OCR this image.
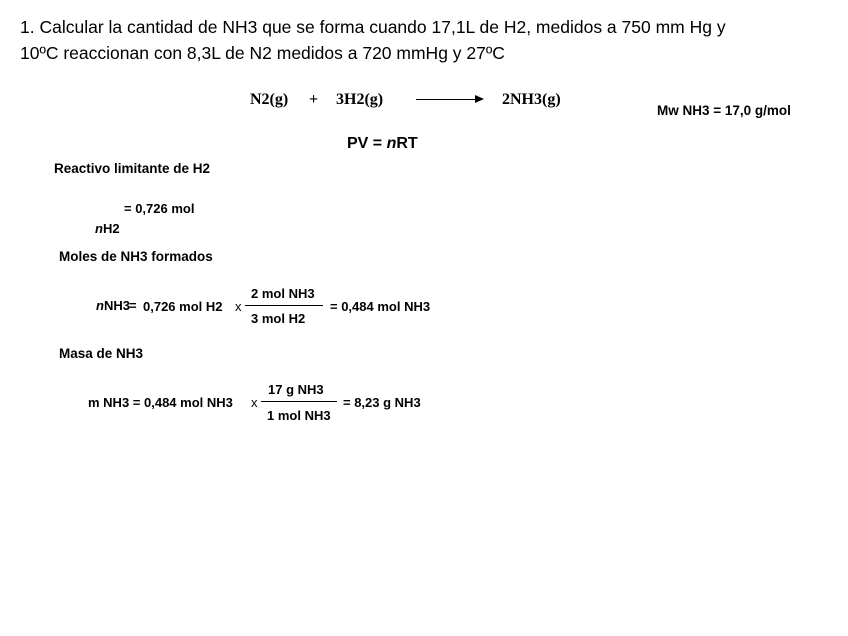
1. Calcular la cantidad de NH3 que se forma cuando 17,1L de H2, medidos a 750 mm Hg y
10ºC reaccionan con 8,3L de N2 medidos a 720 mmHg y 27ºC
N2(g) + 3H2(g)	2NH3(g)
Mw NH3 = 17,0 g/mol
PV = nRT
Reactivo limitante de H2
= 0,726 mol
nH2
Moles de NH3 formados
nNH3 = 0,726 mol H2 x
2 mol NH3
3 mol H2
= 0,484 mol NH3
Masa de NH3
m NH3 = 0,484 mol NH3 x
17 g NH3
1 mol NH3
= 8,23 g NH3
